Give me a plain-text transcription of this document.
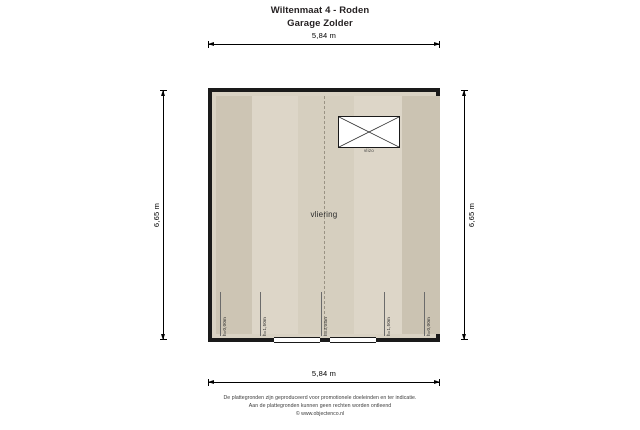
Wiltenmaat 4 - Roden
Garage Zolder
5,84 m
6,65 m	6,65 m
vlizo
vliering
h=0,00m	h=1,50m	h=3,04m	h=1,50m	h=0,00m
5,84 m
De plattegronden zijn geproduceerd voor promotionele doeleinden en ter indicatie.
Aan de plattegronden kunnen geen rechten worden ontleend
© www.objectenco.nl
